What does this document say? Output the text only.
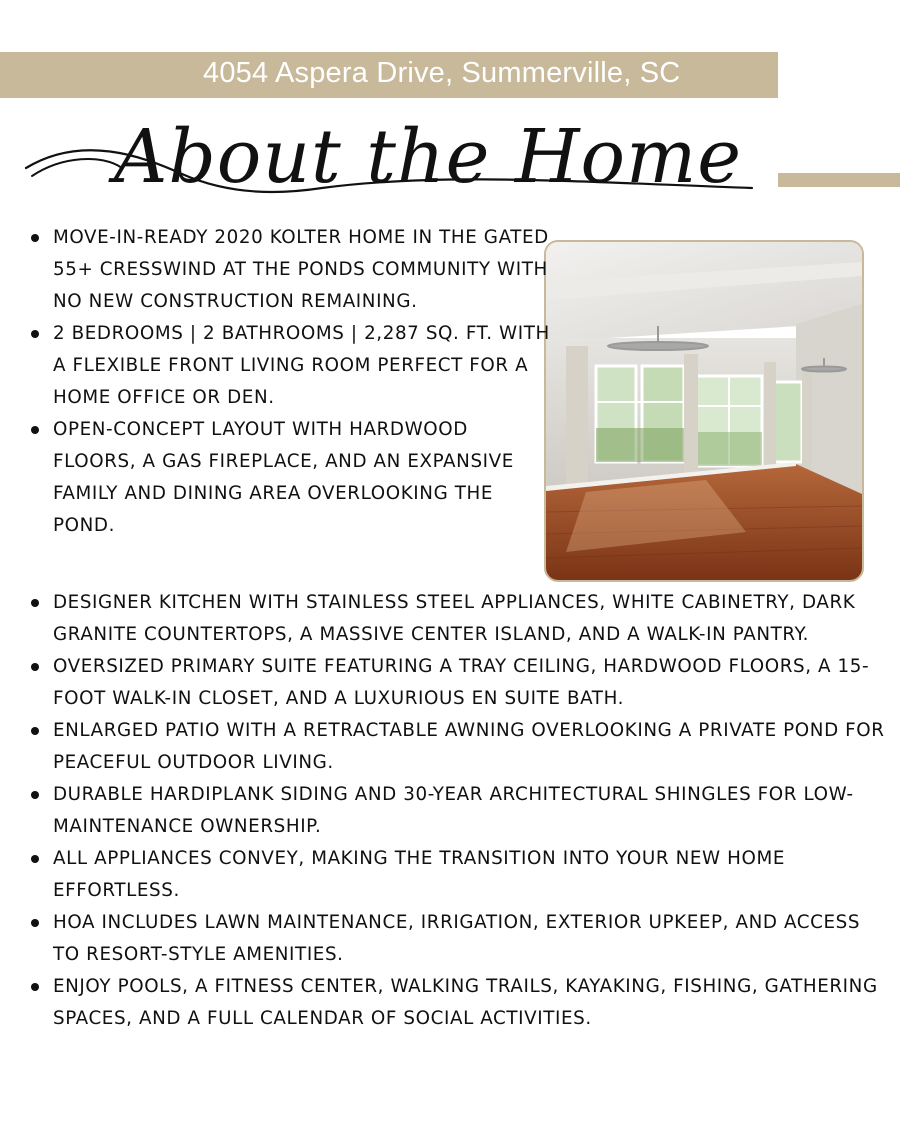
4054 Aspera Drive, Summerville, SC
About the Home
MOVE-IN-READY 2020 KOLTER HOME IN THE GATED 55+ CRESSWIND AT THE PONDS COMMUNITY WITH NO NEW CONSTRUCTION REMAINING.
2 BEDROOMS | 2 BATHROOMS | 2,287 SQ. FT. WITH A FLEXIBLE FRONT LIVING ROOM PERFECT FOR A HOME OFFICE OR DEN.
OPEN-CONCEPT LAYOUT WITH HARDWOOD FLOORS, A GAS FIREPLACE, AND AN EXPANSIVE FAMILY AND DINING AREA OVERLOOKING THE POND.
DESIGNER KITCHEN WITH STAINLESS STEEL APPLIANCES, WHITE CABINETRY, DARK GRANITE COUNTERTOPS, A MASSIVE CENTER ISLAND, AND A WALK-IN PANTRY.
OVERSIZED PRIMARY SUITE FEATURING A TRAY CEILING, HARDWOOD FLOORS, A 15-FOOT WALK-IN CLOSET, AND A LUXURIOUS EN SUITE BATH.
ENLARGED PATIO WITH A RETRACTABLE AWNING OVERLOOKING A PRIVATE POND FOR PEACEFUL OUTDOOR LIVING.
DURABLE HARDIPLANK SIDING AND 30-YEAR ARCHITECTURAL SHINGLES FOR LOW-MAINTENANCE OWNERSHIP.
ALL APPLIANCES CONVEY, MAKING THE TRANSITION INTO YOUR NEW HOME EFFORTLESS.
HOA INCLUDES LAWN MAINTENANCE, IRRIGATION, EXTERIOR UPKEEP, AND ACCESS TO RESORT-STYLE AMENITIES.
ENJOY POOLS, A FITNESS CENTER, WALKING TRAILS, KAYAKING, FISHING, GATHERING SPACES, AND A FULL CALENDAR OF SOCIAL ACTIVITIES.
